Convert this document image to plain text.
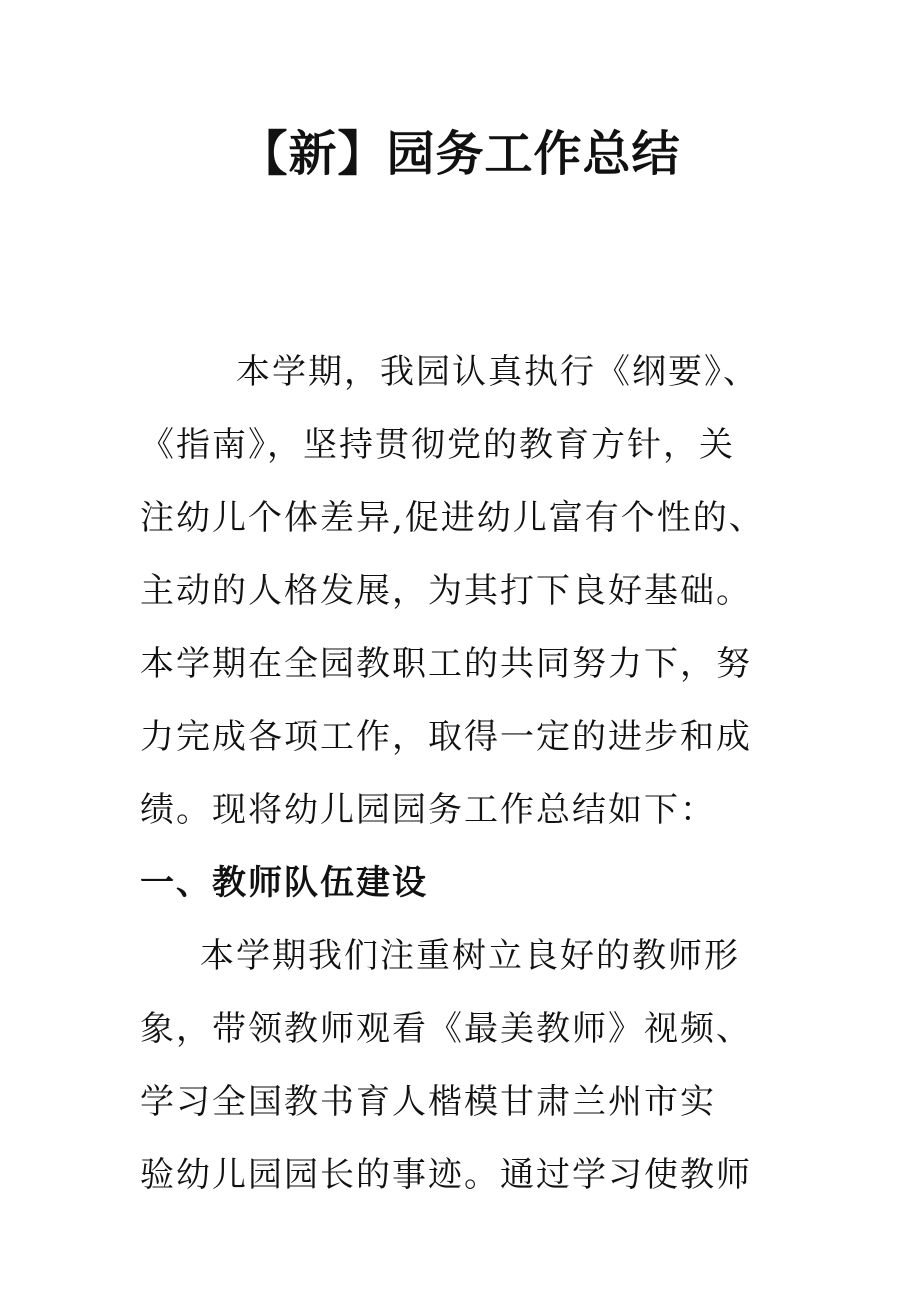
【新】园务工作总结
本学期，我园认真执行《纲要》、
《指南》，坚持贯彻党的教育方针，关
注幼儿个体差异,促进幼儿富有个性的、
主动的人格发展，为其打下良好基础。
本学期在全园教职工的共同努力下，努
力完成各项工作，取得一定的进步和成
绩。现将幼儿园园务工作总结如下：
一、教师队伍建设
本学期我们注重树立良好的教师形
象，带领教师观看《最美教师》视频、
学习全国教书育人楷模甘肃兰州市实
验幼儿园园长的事迹。通过学习使教师
